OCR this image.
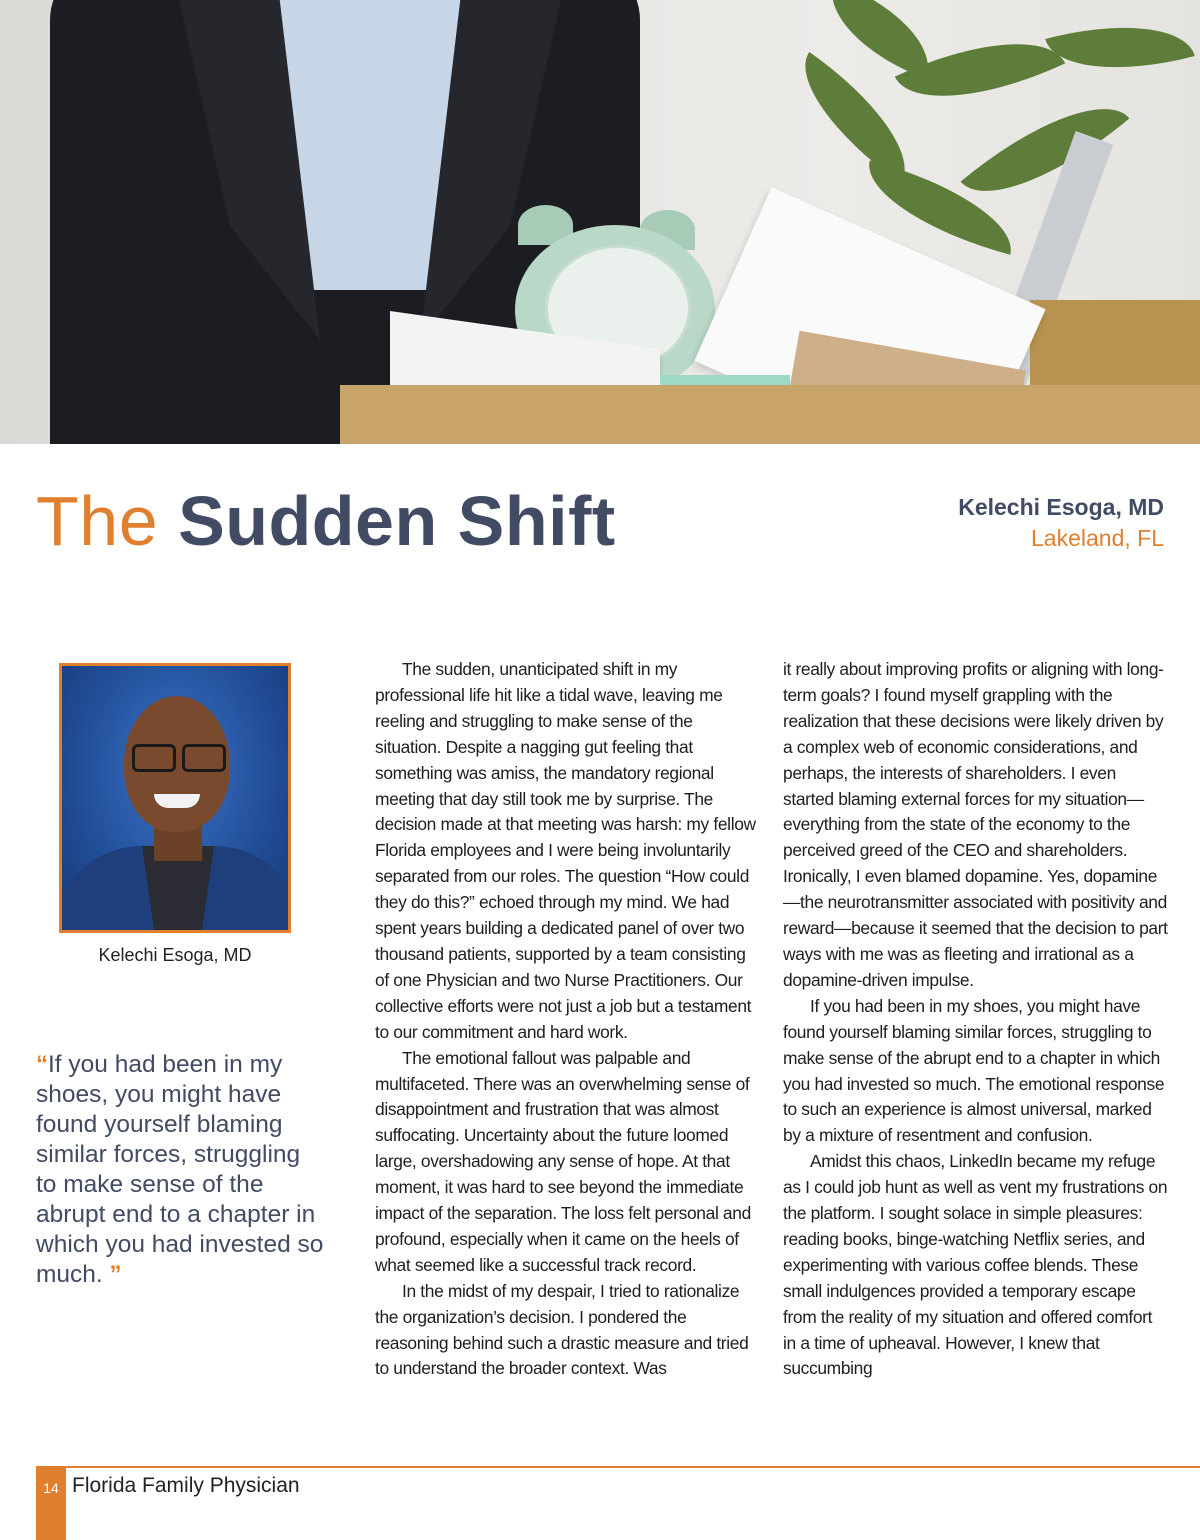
The Sudden Shift	Kelechi Esoga, MD
Lakeland, FL
Kelechi Esoga, MD
“If you had been in my shoes, you might have found yourself blaming similar forces, struggling to make sense of the abrupt end to a chapter in which you had invested so much. ”

The sudden, unanticipated shift in my professional life hit like a tidal wave, leaving me reeling and struggling to make sense of the situation. Despite a nagging gut feeling that something was amiss, the mandatory regional meeting that day still took me by surprise. The decision made at that meeting was harsh: my fellow Florida employees and I were being involuntarily separated from our roles. The question “How could they do this?” echoed through my mind. We had spent years building a dedicated panel of over two thousand patients, supported by a team consisting of one Physician and two Nurse Practitioners. Our collective efforts were not just a job but a testament to our commitment and hard work.

The emotional fallout was palpable and multifaceted. There was an overwhelming sense of disappointment and frustration that was almost suffocating. Uncertainty about the future loomed large, overshadowing any sense of hope. At that moment, it was hard to see beyond the immediate impact of the separation. The loss felt personal and profound, especially when it came on the heels of what seemed like a successful track record.

In the midst of my despair, I tried to rationalize the organization’s decision. I pondered the reasoning behind such a drastic measure and tried to understand the broader context. Was

it really about improving profits or aligning with long-term goals? I found myself grappling with the realization that these decisions were likely driven by a complex web of economic considerations, and perhaps, the interests of shareholders. I even started blaming external forces for my situation—everything from the state of the economy to the perceived greed of the CEO and shareholders. Ironically, I even blamed dopamine. Yes, dopamine—the neurotransmitter associated with positivity and reward—because it seemed that the decision to part ways with me was as fleeting and irrational as a dopamine-driven impulse.

If you had been in my shoes, you might have found yourself blaming similar forces, struggling to make sense of the abrupt end to a chapter in which you had invested so much. The emotional response to such an experience is almost universal, marked by a mixture of resentment and confusion.

Amidst this chaos, LinkedIn became my refuge as I could job hunt as well as vent my frustrations on the platform. I sought solace in simple pleasures: reading books, binge-watching Netflix series, and experimenting with various coffee blends. These small indulgences provided a temporary escape from the reality of my situation and offered comfort in a time of upheaval. However, I knew that succumbing

14 Florida Family Physician
